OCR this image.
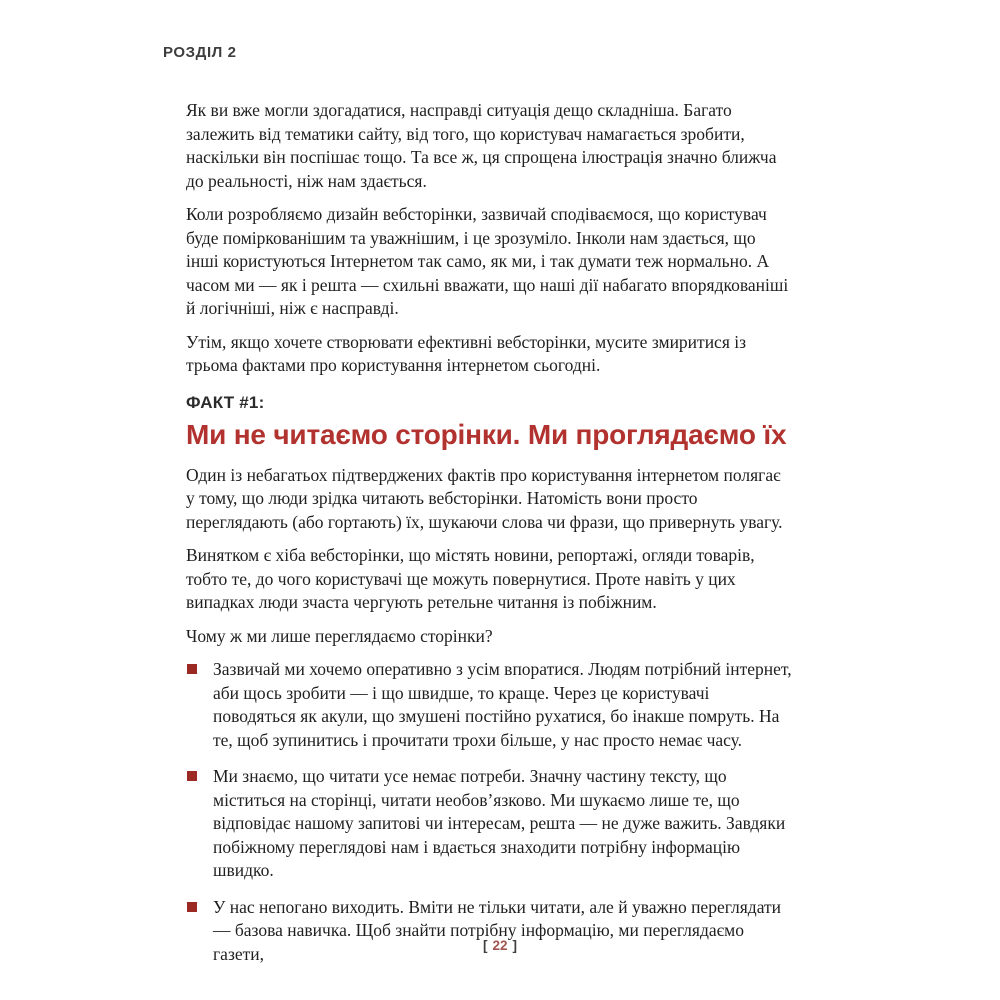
РОЗДІЛ 2

Як ви вже могли здогадатися, насправді ситуація дещо складніша. Багато залежить від тематики сайту, від того, що користувач намагається зробити, наскільки він поспішає тощо. Та все ж, ця спрощена ілюстрація значно ближча до реальності, ніж нам здається.

Коли розробляємо дизайн вебсторінки, зазвичай сподіваємося, що користувач буде поміркованішим та уважнішим, і це зрозуміло. Інколи нам здається, що інші користуються Інтернетом так само, як ми, і так думати теж нормально. А часом ми — як і решта — схильні вважати, що наші дії набагато впорядкованіші й логічніші, ніж є насправді.

Утім, якщо хочете створювати ефективні вебсторінки, мусите змиритися із трьома фактами про користування інтернетом сьогодні.

ФАКТ #1:
Ми не читаємо сторінки. Ми проглядаємо їх

Один із небагатьох підтверджених фактів про користування інтернетом полягає у тому, що люди зрідка читають вебсторінки. Натомість вони просто переглядають (або гортають) їх, шукаючи слова чи фрази, що привернуть увагу.

Винятком є хіба вебсторінки, що містять новини, репортажі, огляди товарів, тобто те, до чого користувачі ще можуть повернутися. Проте навіть у цих випадках люди зчаста чергують ретельне читання із побіжним.

Чому ж ми лише переглядаємо сторінки?

Зазвичай ми хочемо оперативно з усім впоратися. Людям потрібний інтернет, аби щось зробити — і що швидше, то краще. Через це користувачі поводяться як акули, що змушені постійно рухатися, бо інакше помруть. На те, щоб зупинитись і прочитати трохи більше, у нас просто немає часу.
Ми знаємо, що читати усе немає потреби. Значну частину тексту, що міститься на сторінці, читати необов’язково. Ми шукаємо лише те, що відповідає нашому запитові чи інтересам, решта — не дуже важить. Завдяки побіжному переглядові нам і вдається знаходити потрібну інформацію швидко.
У нас непогано виходить. Вміти не тільки читати, але й уважно переглядати — базова навичка. Щоб знайти потрібну інформацію, ми переглядаємо газети,	[ 22 ]
